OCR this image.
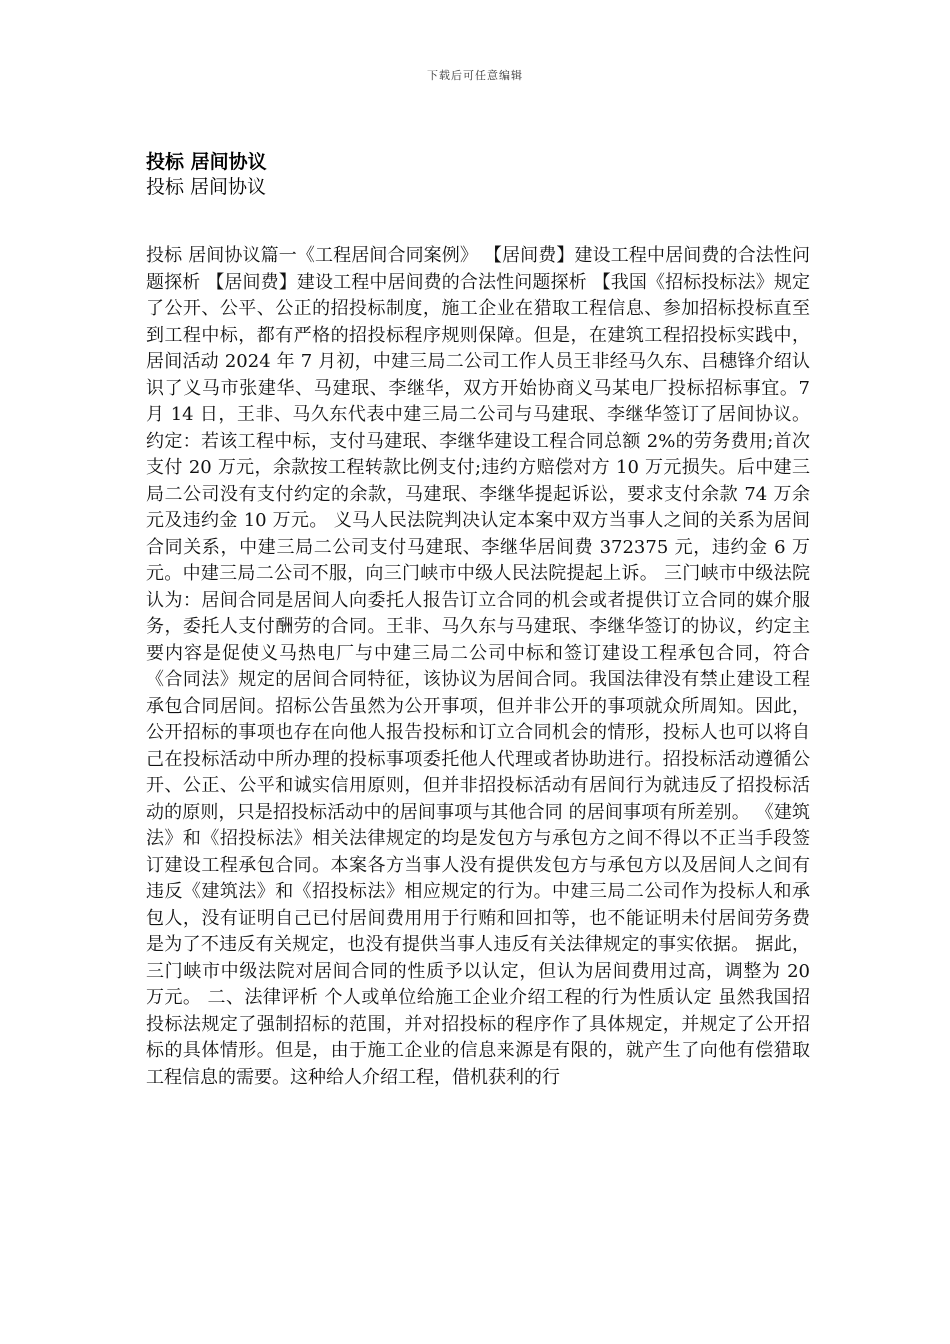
下载后可任意编辑
投标 居间协议
投标 居间协议

投标 居间协议篇一《工程居间合同案例》 【居间费】建设工程中居间费的合法性问题探析 【居间费】建设工程中居间费的合法性问题探析 【我国《招标投标法》规定了公开、公平、公正的招投标制度，施工企业在猎取工程信息、参加招标投标直至到工程中标，都有严格的招投标程序规则保障。但是，在建筑工程招投标实践中，居间活动 2024 年 7 月初，中建三局二公司工作人员王非经马久东、吕穗锋介绍认识了义马市张建华、马建珉、李继华，双方开始协商义马某电厂投标招标事宜。7 月 14 日，王非、马久东代表中建三局二公司与马建珉、李继华签订了居间协议。约定：若该工程中标，支付马建珉、李继华建设工程合同总额 2%的劳务费用;首次支付 20 万元，余款按工程转款比例支付;违约方赔偿对方 10 万元损失。后中建三局二公司没有支付约定的余款，马建珉、李继华提起诉讼，要求支付余款 74 万余元及违约金 10 万元。 义马人民法院判决认定本案中双方当事人之间的关系为居间合同关系，中建三局二公司支付马建珉、李继华居间费 372375 元，违约金 6 万元。中建三局二公司不服，向三门峡市中级人民法院提起上诉。 三门峡市中级法院认为：居间合同是居间人向委托人报告订立合同的机会或者提供订立合同的媒介服务，委托人支付酬劳的合同。王非、马久东与马建珉、李继华签订的协议，约定主要内容是促使义马热电厂与中建三局二公司中标和签订建设工程承包合同，符合《合同法》规定的居间合同特征，该协议为居间合同。我国法律没有禁止建设工程承包合同居间。招标公告虽然为公开事项，但并非公开的事项就众所周知。因此，公开招标的事项也存在向他人报告投标和订立合同机会的情形，投标人也可以将自己在投标活动中所办理的投标事项委托他人代理或者协助进行。招投标活动遵循公开、公正、公平和诚实信用原则，但并非招投标活动有居间行为就违反了招投标活动的原则，只是招投标活动中的居间事项与其他合同 的居间事项有所差别。 《建筑法》和《招投标法》相关法律规定的均是发包方与承包方之间不得以不正当手段签订建设工程承包合同。本案各方当事人没有提供发包方与承包方以及居间人之间有违反《建筑法》和《招投标法》相应规定的行为。中建三局二公司作为投标人和承包人，没有证明自己已付居间费用用于行贿和回扣等，也不能证明未付居间劳务费是为了不违反有关规定，也没有提供当事人违反有关法律规定的事实依据。 据此，三门峡市中级法院对居间合同的性质予以认定，但认为居间费用过高，调整为 20 万元。 二、法律评析 个人或单位给施工企业介绍工程的行为性质认定 虽然我国招投标法规定了强制招标的范围，并对招投标的程序作了具体规定，并规定了公开招标的具体情形。但是，由于施工企业的信息来源是有限的，就产生了向他有偿猎取工程信息的需要。这种给人介绍工程，借机获利的行
